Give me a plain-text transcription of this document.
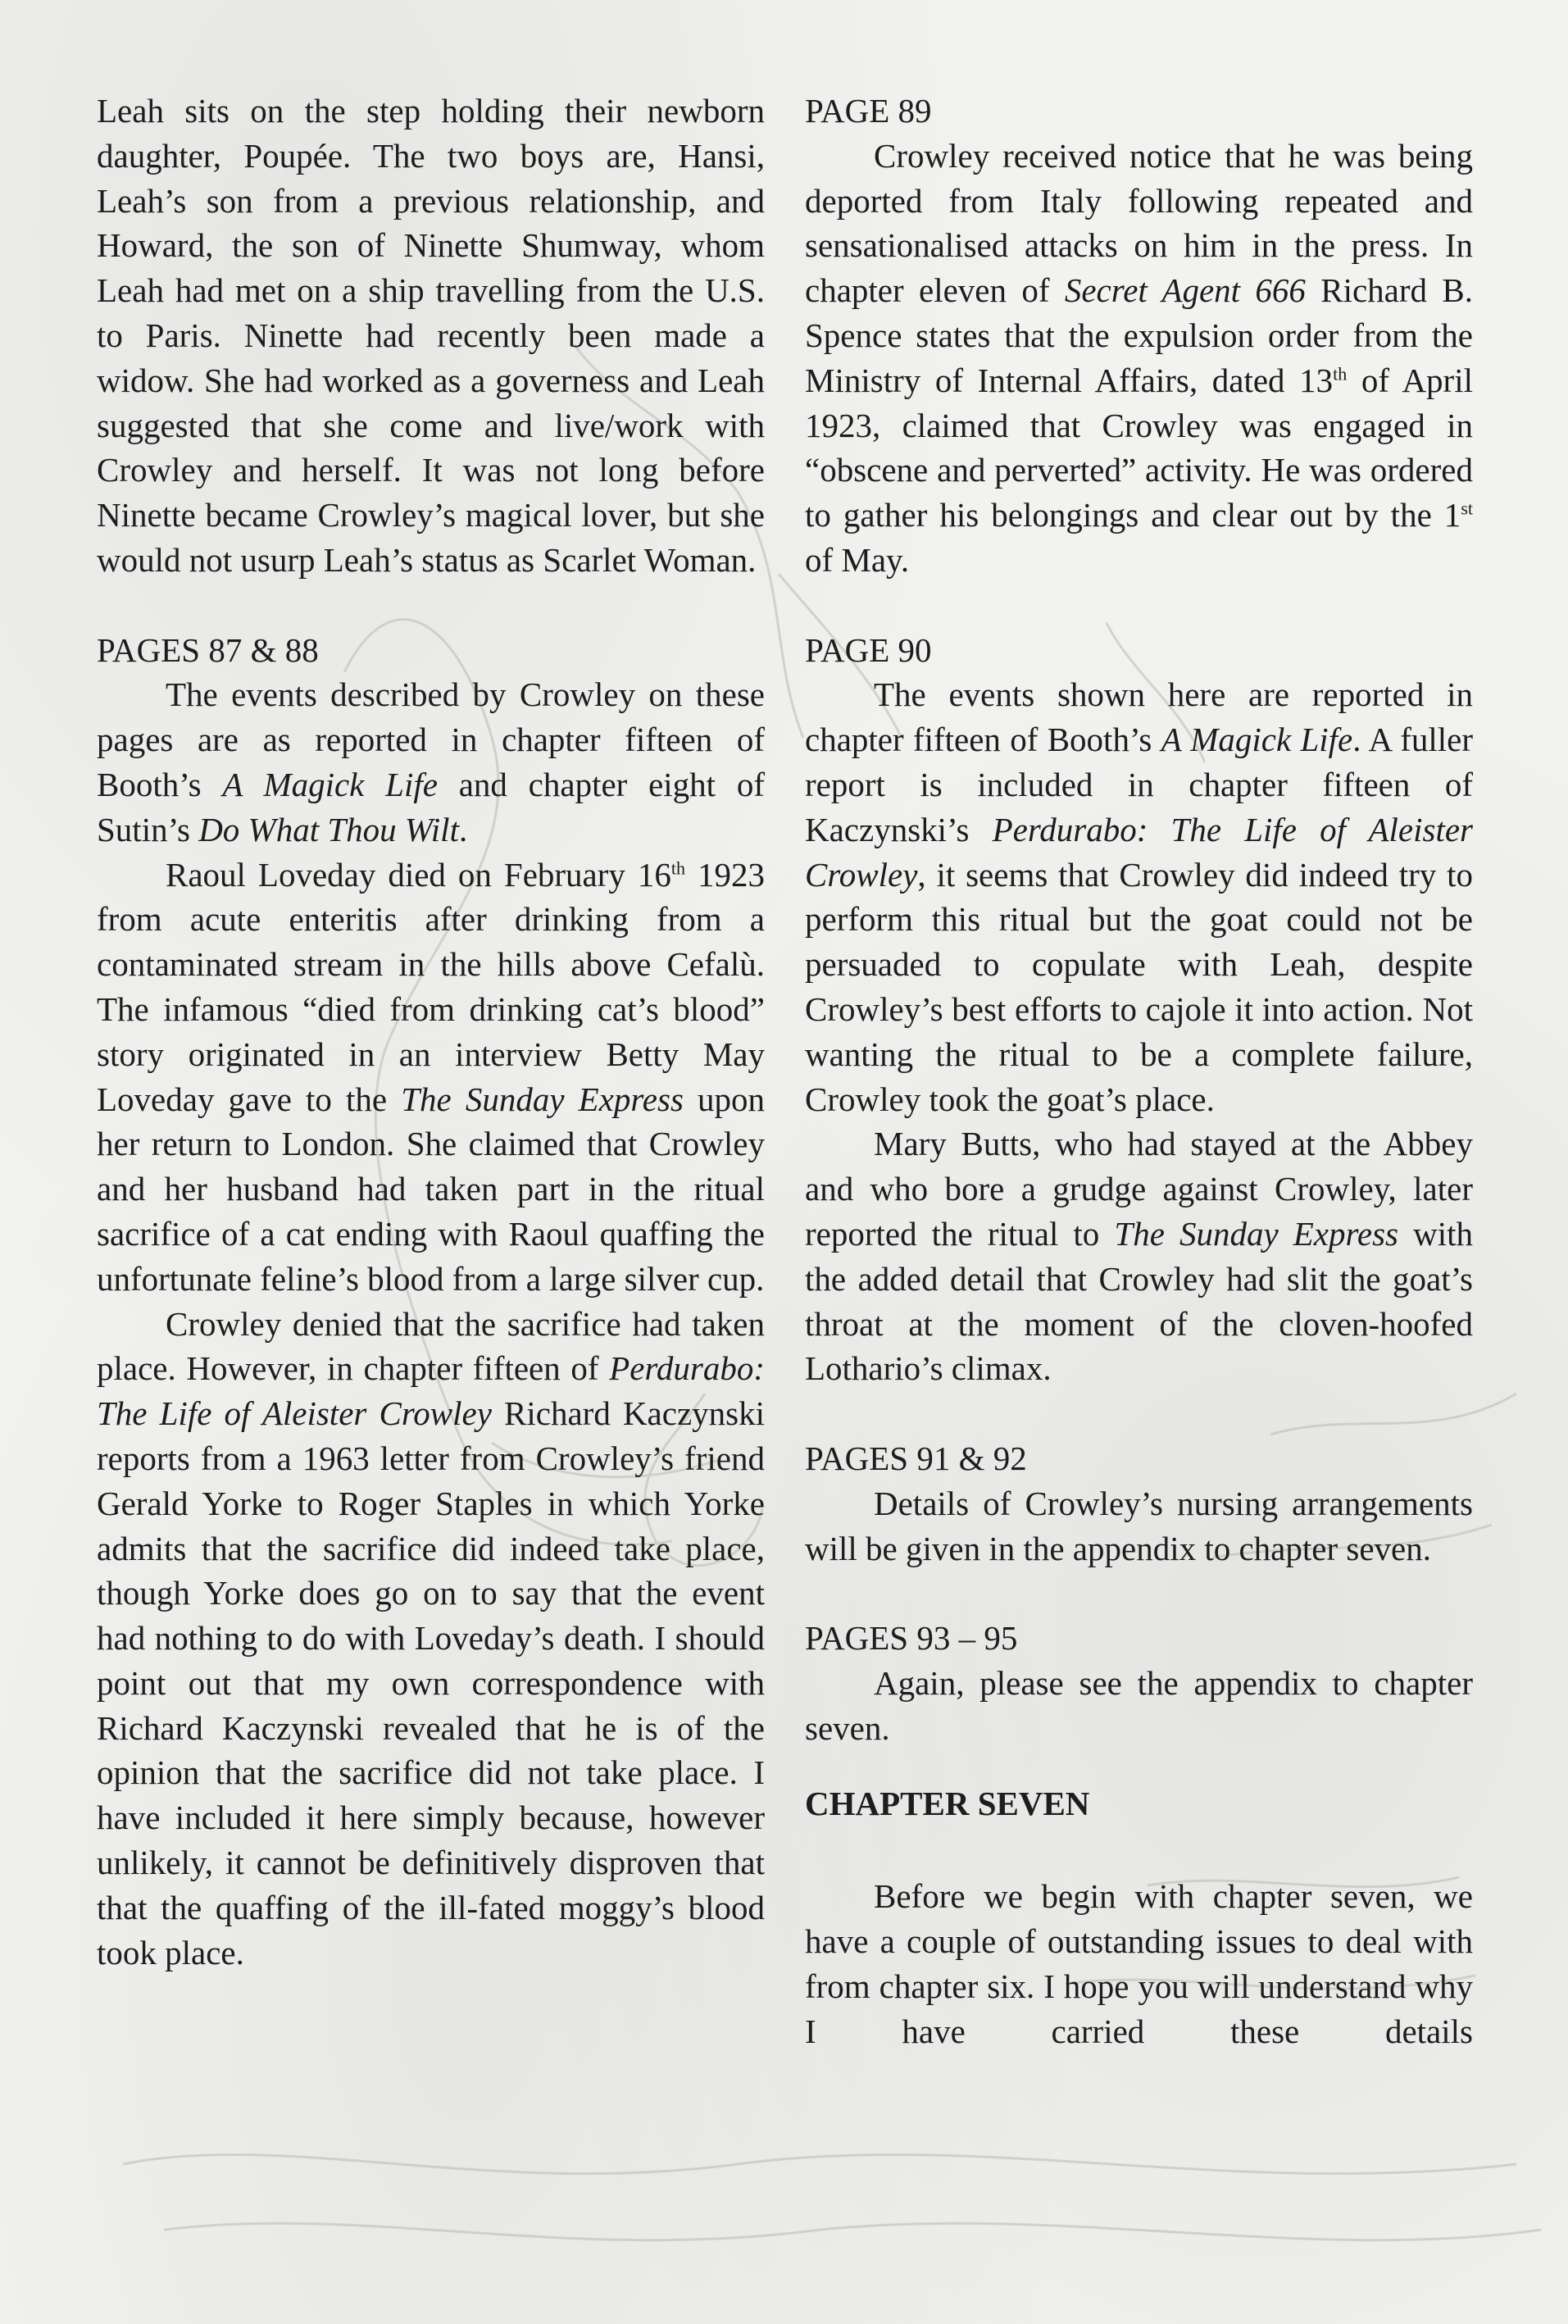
Leah sits on the step holding their newborn daughter, Poupée. The two boys are, Hansi, Leah’s son from a previous relationship, and Howard, the son of Ninette Shumway, whom Leah had met on a ship travelling from the U.S. to Paris. Ninette had recently been made a widow. She had worked as a governess and Leah suggested that she come and live/work with Crowley and herself. It was not long before Ninette became Crowley’s magical lover, but she would not usurp Leah’s status as Scarlet Woman.

PAGES 87 & 88

The events described by Crowley on these pages are as reported in chapter fifteen of Booth’s A Magick Life and chapter eight of Sutin’s Do What Thou Wilt.

Raoul Loveday died on February 16th 1923 from acute enteritis after drinking from a contaminated stream in the hills above Cefalù. The infamous “died from drinking cat’s blood” story originated in an interview Betty May Loveday gave to the The Sunday Express upon her return to London. She claimed that Crowley and her husband had taken part in the ritual sacrifice of a cat ending with Raoul quaffing the unfortunate feline’s blood from a large silver cup.

Crowley denied that the sacrifice had taken place. However, in chapter fifteen of Perdurabo: The Life of Aleister Crowley Richard Kaczynski reports from a 1963 letter from Crowley’s friend Gerald Yorke to Roger Staples in which Yorke admits that the sacrifice did indeed take place, though Yorke does go on to say that the event had nothing to do with Loveday’s death. I should point out that my own correspondence with Richard Kaczynski revealed that he is of the opinion that the sacrifice did not take place. I have included it here simply because, however unlikely, it cannot be definitively disproven that that the quaffing of the ill-fated moggy’s blood took place.

PAGE 89

Crowley received notice that he was being deported from Italy following repeated and sensationalised attacks on him in the press. In chapter eleven of Secret Agent 666 Richard B. Spence states that the expulsion order from the Ministry of Internal Affairs, dated 13th of April 1923, claimed that Crowley was engaged in “obscene and perverted” activity. He was ordered to gather his belongings and clear out by the 1st of May.

PAGE 90

The events shown here are reported in chapter fifteen of Booth’s A Magick Life. A fuller report is included in chapter fifteen of Kaczynski’s Perdurabo: The Life of Aleister Crowley, it seems that Crowley did indeed try to perform this ritual but the goat could not be persuaded to copulate with Leah, despite Crowley’s best efforts to cajole it into action. Not wanting the ritual to be a complete failure, Crowley took the goat’s place.

Mary Butts, who had stayed at the Abbey and who bore a grudge against Crowley, later reported the ritual to The Sunday Express with the added detail that Crowley had slit the goat’s throat at the moment of the cloven-hoofed Lothario’s climax.

PAGES 91 & 92

Details of Crowley’s nursing arrangements will be given in the appendix to chapter seven.

PAGES 93 – 95

Again, please see the appendix to chapter seven.

CHAPTER SEVEN

Before we begin with chapter seven, we have a couple of outstanding issues to deal with from chapter six. I hope you will understand why I have carried these details
